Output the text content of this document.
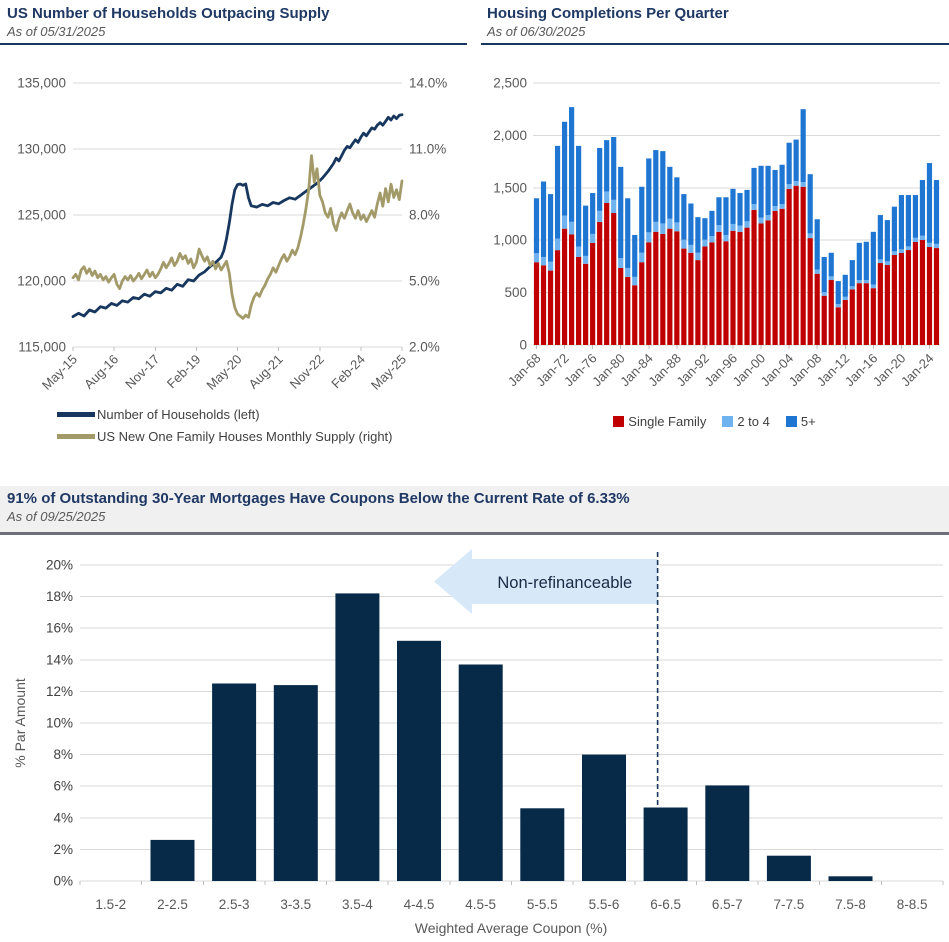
US Number of Households Outpacing Supply
As of 05/31/2025
Housing Completions Per Quarter
As of 06/30/2025
135,000	14.0%
130,000	11.0%
125,000	8.0%
120,000	5.0%
115,000	2.0%
May-15 Aug-16 Nov-17 Feb-19 May-20 Aug-21 Nov-22 Feb-24 May-25
2,500
2,000
1,500
1,000
500
0
Jan-68
Jan-72
Jan-76
Jan-80
Jan-84
Jan-88
Jan-92
Jan-96
Jan-00
Jan-04
Jan-08
Jan-12
Jan-16
Jan-20
Jan-24
Number of Households (left)
US New One Family Houses Monthly Supply (right)
Single Family 2 to 4 5+
91% of Outstanding 30-Year Mortgages Have Coupons Below the Current Rate of 6.33%
As of 09/25/2025
20%
18%
16%
14%
12%
10%
8%
6%
4%
2%
0%
1.5-2 2-2.5 2.5-3 3-3.5 3.5-4 4-4.5 4.5-5 5-5.5 5.5-6 6-6.5 6.5-7 7-7.5 7.5-8 8-8.5
Weighted Average Coupon (%)
% Par Amount
Non-refinanceable
